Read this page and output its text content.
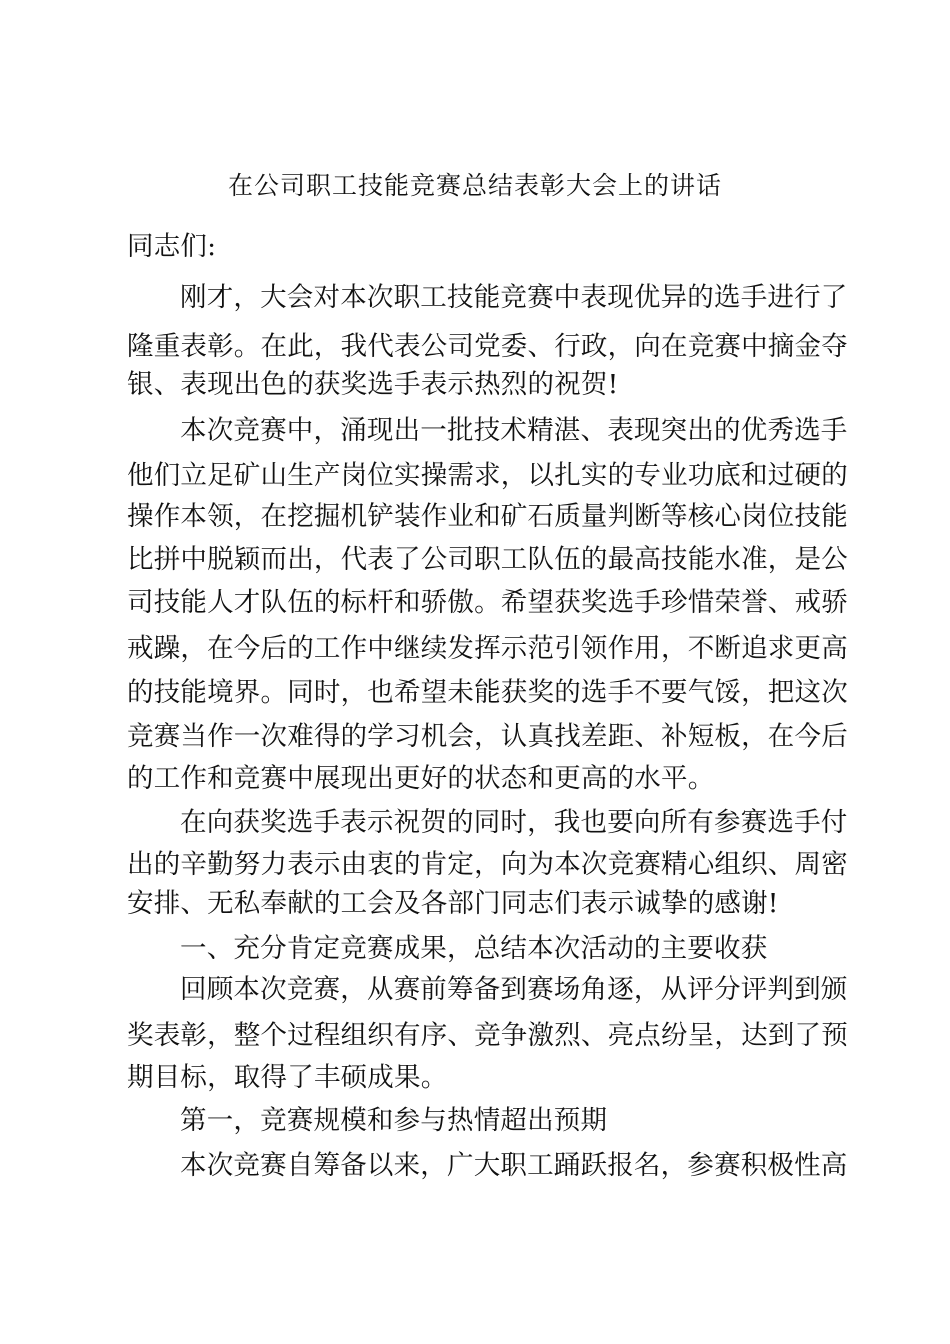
在公司职工技能竞赛总结表彰大会上的讲话
同志们:
刚才，大会对本次职工技能竞赛中表现优异的选手进行了
隆重表彰。在此，我代表公司党委、行政，向在竞赛中摘金夺
银、表现出色的获奖选手表示热烈的祝贺!
本次竞赛中，涌现出一批技术精湛、表现突出的优秀选手
他们立足矿山生产岗位实操需求，以扎实的专业功底和过硬的
操作本领，在挖掘机铲装作业和矿石质量判断等核心岗位技能
比拼中脱颖而出，代表了公司职工队伍的最高技能水准，是公
司技能人才队伍的标杆和骄傲。希望获奖选手珍惜荣誉、戒骄
戒躁，在今后的工作中继续发挥示范引领作用，不断追求更高
的技能境界。同时，也希望未能获奖的选手不要气馁，把这次
竞赛当作一次难得的学习机会，认真找差距、补短板，在今后
的工作和竞赛中展现出更好的状态和更高的水平。
在向获奖选手表示祝贺的同时，我也要向所有参赛选手付
出的辛勤努力表示由衷的肯定，向为本次竞赛精心组织、周密
安排、无私奉献的工会及各部门同志们表示诚挚的感谢!
一、充分肯定竞赛成果，总结本次活动的主要收获
回顾本次竞赛，从赛前筹备到赛场角逐，从评分评判到颁
奖表彰，整个过程组织有序、竞争激烈、亮点纷呈，达到了预
期目标，取得了丰硕成果。
第一，竞赛规模和参与热情超出预期
本次竞赛自筹备以来，广大职工踊跃报名，参赛积极性高
